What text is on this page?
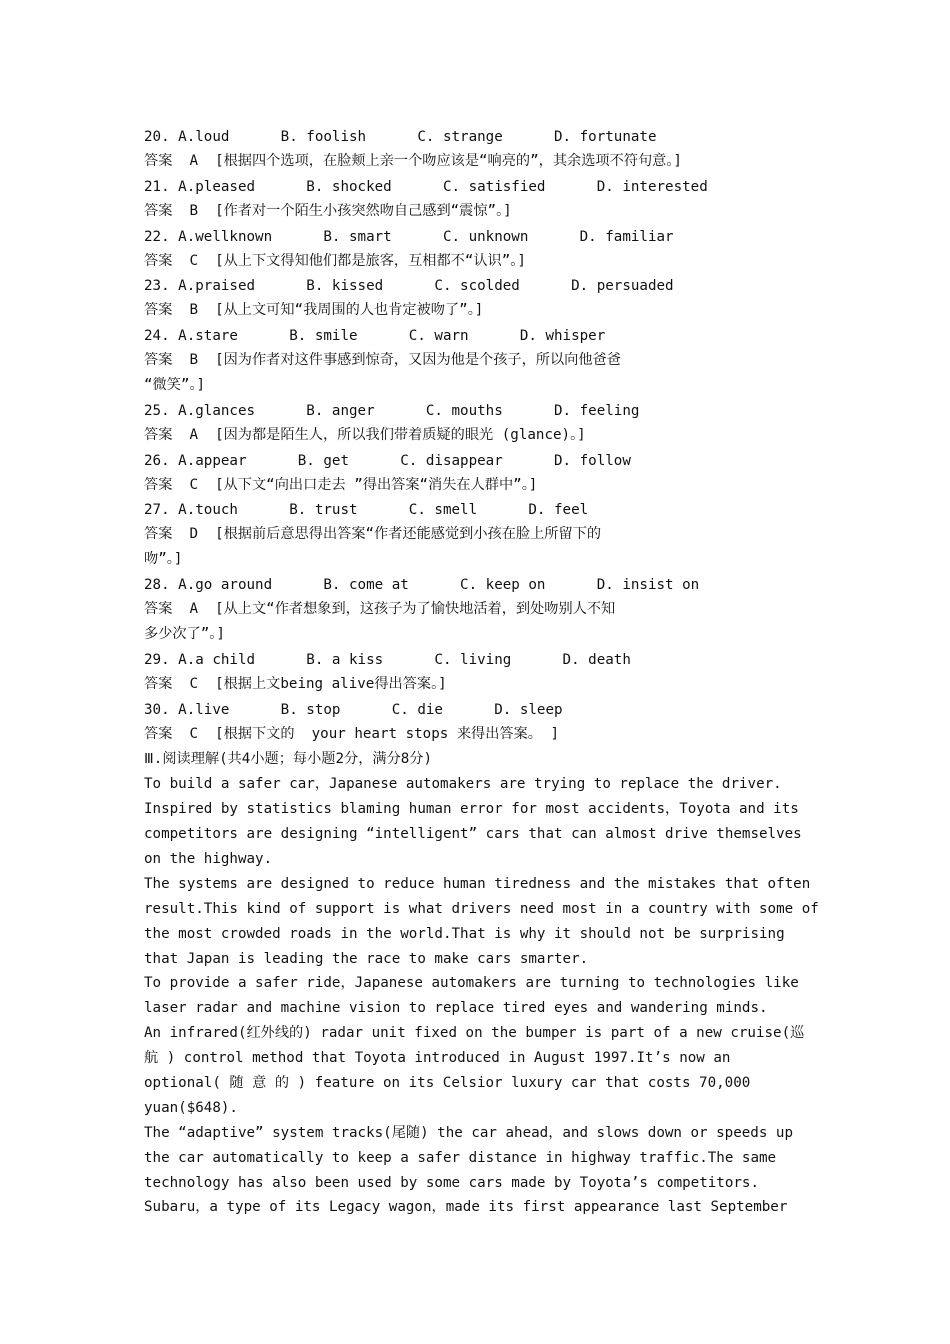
20. A.loud      B. foolish      C. strange      D. fortunate
答案  A  [根据四个选项，在脸颊上亲一个吻应该是“响亮的”，其余选项不符句意。]
21. A.pleased      B. shocked      C. satisfied      D. interested
答案  B  [作者对一个陌生小孩突然吻自己感到“震惊”。]
22. A.wellknown      B. smart      C. unknown      D. familiar
答案  C  [从上下文得知他们都是旅客，互相都不“认识”。]
23. A.praised      B. kissed      C. scolded      D. persuaded
答案  B  [从上文可知“我周围的人也肯定被吻了”。]
24. A.stare      B. smile      C. warn      D. whisper
答案  B  [因为作者对这件事感到惊奇，又因为他是个孩子，所以向他爸爸
“微笑”。]
25. A.glances      B. anger      C. mouths      D. feeling
答案  A  [因为都是陌生人，所以我们带着质疑的眼光 (glance)。]
26. A.appear      B. get      C. disappear      D. follow
答案  C  [从下文“向出口走去 ”得出答案“消失在人群中”。]
27. A.touch      B. trust      C. smell      D. feel
答案  D  [根据前后意思得出答案“作者还能感觉到小孩在脸上所留下的
吻”。]
28. A.go around      B. come at      C. keep on      D. insist on
答案  A  [从上文“作者想象到，这孩子为了愉快地活着，到处吻别人不知
多少次了”。]
29. A.a child      B. a kiss      C. living      D. death
答案  C  [根据上文being alive得出答案。]
30. A.live      B. stop      C. die      D. sleep
答案  C  [根据下文的  your heart stops 来得出答案。 ]
Ⅲ.阅读理解(共4小题；每小题2分，满分8分)
To build a safer car，Japanese automakers are trying to replace the driver.
Inspired by statistics blaming human error for most accidents，Toyota and its
competitors are designing “intelligent” cars that can almost drive themselves
on the highway.
The systems are designed to reduce human tiredness and the mistakes that often
result.This kind of support is what drivers need most in a country with some of
the most crowded roads in the world.That is why it should not be surprising
that Japan is leading the race to make cars smarter.
To provide a safer ride，Japanese automakers are turning to technologies like
laser radar and machine vision to replace tired eyes and wandering minds.
An infrared(红外线的) radar unit fixed on the bumper is part of a new cruise(巡
航 ) control method that Toyota introduced in August 1997.It’s now an
optional( 随 意 的 ) feature on its Celsior luxury car that costs 70,000
yuan($648).
The “adaptive” system tracks(尾随) the car ahead，and slows down or speeds up
the car automatically to keep a safer distance in highway traffic.The same
technology has also been used by some cars made by Toyota’s competitors.
Subaru，a type of its Legacy wagon，made its first appearance last September
